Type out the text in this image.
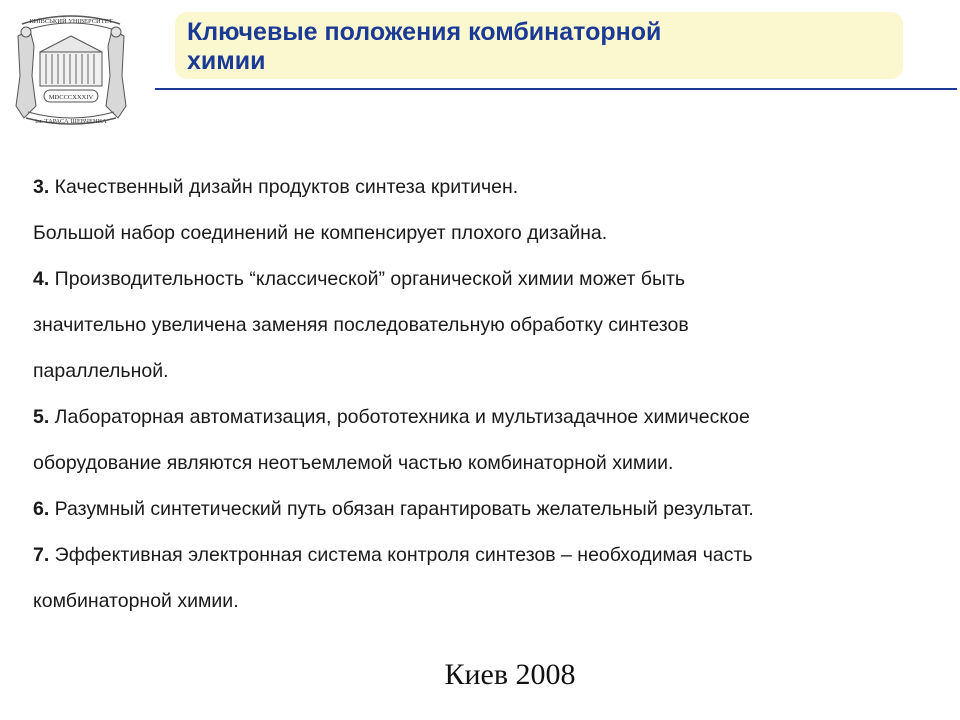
КИЇВСЬКИЙ УНІВЕРСИТЕТ
MDCCCXXXIV
ім. ТАРАСА ШЕВЧЕНКА
Ключевые положения комбинаторной
химии
3. Качественный дизайн продуктов синтеза критичен.
Большой набор соединений не компенсирует плохого дизайна.
4. Производительность “классической” органической химии может быть
значительно увеличена заменяя последовательную обработку синтезов
параллельной.
5. Лабораторная автоматизация, робототехника и мультизадачное химическое
оборудование являются неотъемлемой частью комбинаторной химии.
6. Разумный синтетический путь обязан гарантировать желательный результат.
7. Эффективная электронная система контроля синтезов – необходимая часть
комбинаторной химии.
Киев 2008
